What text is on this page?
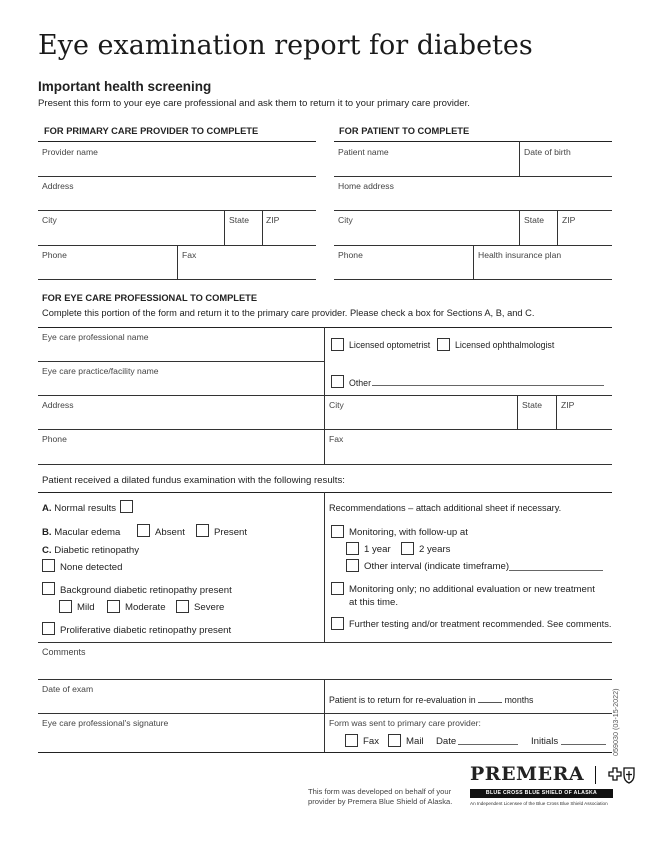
Eye examination report for diabetes
Important health screening
Present this form to your eye care professional and ask them to return it to your primary care provider.
FOR PRIMARY CARE PROVIDER TO COMPLETE	FOR PATIENT TO COMPLETE
Provider name
Address
City	State ZIP
Phone	Fax
Patient name	Date of birth
Home address
City	State ZIP
Phone	Health insurance plan
FOR EYE CARE PROFESSIONAL TO COMPLETE
Complete this portion of the form and return it to the primary care provider. Please check a box for Sections A, B, and C.
Eye care professional name
Eye care practice/facility name
Address	City	State ZIP
Phone	Fax
Licensed optometrist	Licensed ophthalmologist
Other
Patient received a dilated fundus examination with the following results:
A. Normal results
B. Macular edema	Absent	Present
C. Diabetic retinopathy
None detected
Background diabetic retinopathy present
Mild	Moderate	Severe
Proliferative diabetic retinopathy present
Recommendations – attach additional sheet if necessary.
Monitoring, with follow-up at
1 year	2 years
Other interval (indicate timeframe)
Monitoring only; no additional evaluation or new treatment
at this time.
Further testing and/or treatment recommended. See comments.
Comments
Date of exam
Patient is to return for re-evaluation in	months
Eye care professional's signature	Form was sent to primary care provider:
Fax	Mail Date	Initials	059030 (03-15-2022)
This form was developed on behalf of your provider by Premera Blue Shield of Alaska.
PREMERA
BLUE CROSS BLUE SHIELD OF ALASKA
An Independent Licensee of the Blue Cross Blue Shield Association
